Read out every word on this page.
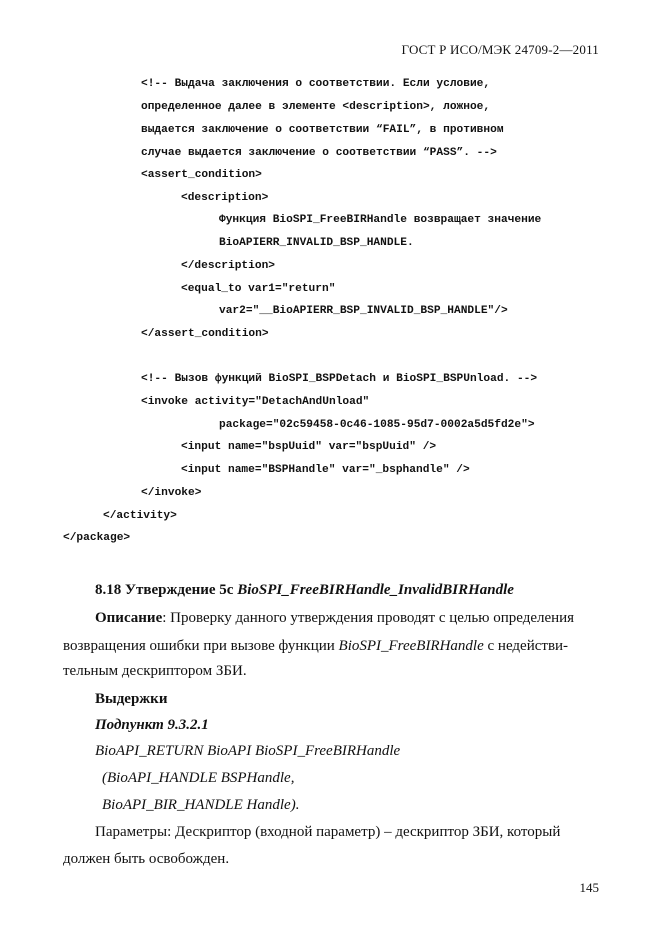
ГОСТ Р ИСО/МЭК 24709-2—2011

<!-- Выдача заключения о соответствии. Если условие,

определенное далее в элементе <description>, ложное,

выдается заключение о соответствии “FAIL”, в противном

случае выдается заключение о соответствии “PASS”. -->

<assert_condition>

<description>

Функция BioSPI_FreeBIRHandle возвращает значение

BioAPIERR_INVALID_BSP_HANDLE.

</description>

<equal_to var1="return"

var2="__BioAPIERR_BSP_INVALID_BSP_HANDLE"/>

</assert_condition>

<!-- Вызов функций BioSPI_BSPDetach и BioSPI_BSPUnload. -->

<invoke activity="DetachAndUnload"

package="02c59458-0c46-1085-95d7-0002a5d5fd2e">

<input name="bspUuid" var="bspUuid" />

<input name="BSPHandle" var="_bsphandle" />

</invoke>

</activity>

</package>

8.18 Утверждение 5с BioSPI_FreeBIRHandle_InvalidBIRHandle
Описание: Проверку данного утверждения проводят с целью определения
возвращения ошибки при вызове функции BioSPI_FreeBIRHandle с недействи-
тельным дескриптором ЗБИ.
Выдержки
Подпункт 9.3.2.1
BioAPI_RETURN BioAPI BioSPI_FreeBIRHandle
(BioAPI_HANDLE BSPHandle,
BioAPI_BIR_HANDLE Handle).
Параметры: Дескриптор (входной параметр) – дескриптор ЗБИ, который
должен быть освобожден.
145
